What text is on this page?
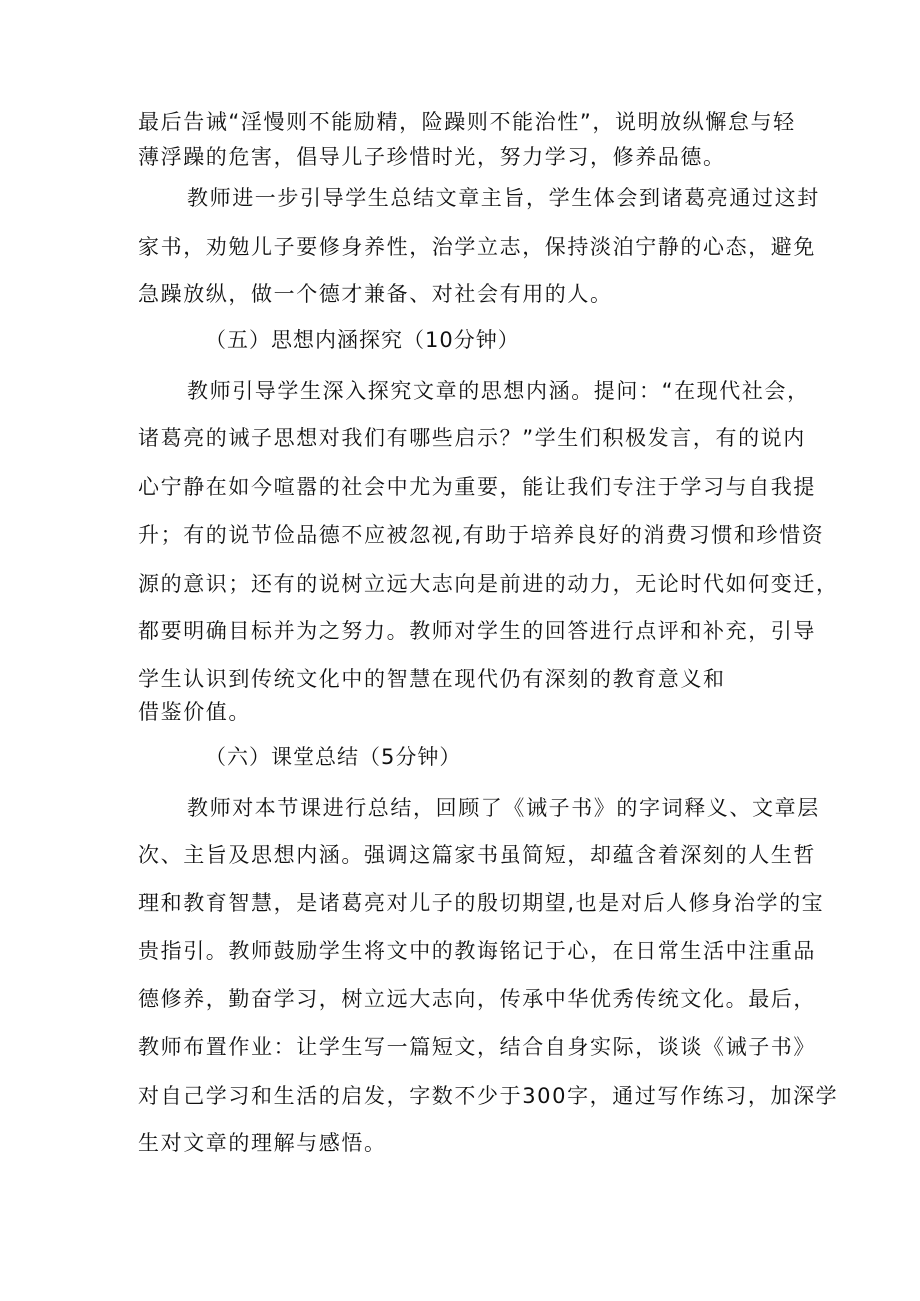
最后告诫“淫慢则不能励精，险躁则不能治性”，说明放纵懈怠与轻
薄浮躁的危害，倡导儿子珍惜时光，努力学习，修养品德。
教师进一步引导学生总结文章主旨，学生体会到诸葛亮通过这封
家书，劝勉儿子要修身养性，治学立志，保持淡泊宁静的心态，避免
急躁放纵，做一个德才兼备、对社会有用的人。
（五）思想内涵探究（10分钟）
教师引导学生深入探究文章的思想内涵。提问：“在现代社会，
诸葛亮的诫子思想对我们有哪些启示？”学生们积极发言，有的说内
心宁静在如今喧嚣的社会中尤为重要，能让我们专注于学习与自我提
升；有的说节俭品德不应被忽视,有助于培养良好的消费习惯和珍惜资
源的意识；还有的说树立远大志向是前进的动力，无论时代如何变迁，
都要明确目标并为之努力。教师对学生的回答进行点评和补充，引导
学生认识到传统文化中的智慧在现代仍有深刻的教育意义和
借鉴价值。
（六）课堂总结（5分钟）
教师对本节课进行总结，回顾了《诫子书》的字词释义、文章层
次、主旨及思想内涵。强调这篇家书虽简短，却蕴含着深刻的人生哲
理和教育智慧，是诸葛亮对儿子的殷切期望,也是对后人修身治学的宝
贵指引。教师鼓励学生将文中的教诲铭记于心，在日常生活中注重品
德修养，勤奋学习，树立远大志向，传承中华优秀传统文化。最后，
教师布置作业：让学生写一篇短文，结合自身实际，谈谈《诫子书》
对自己学习和生活的启发，字数不少于300字，通过写作练习，加深学
生对文章的理解与感悟。
